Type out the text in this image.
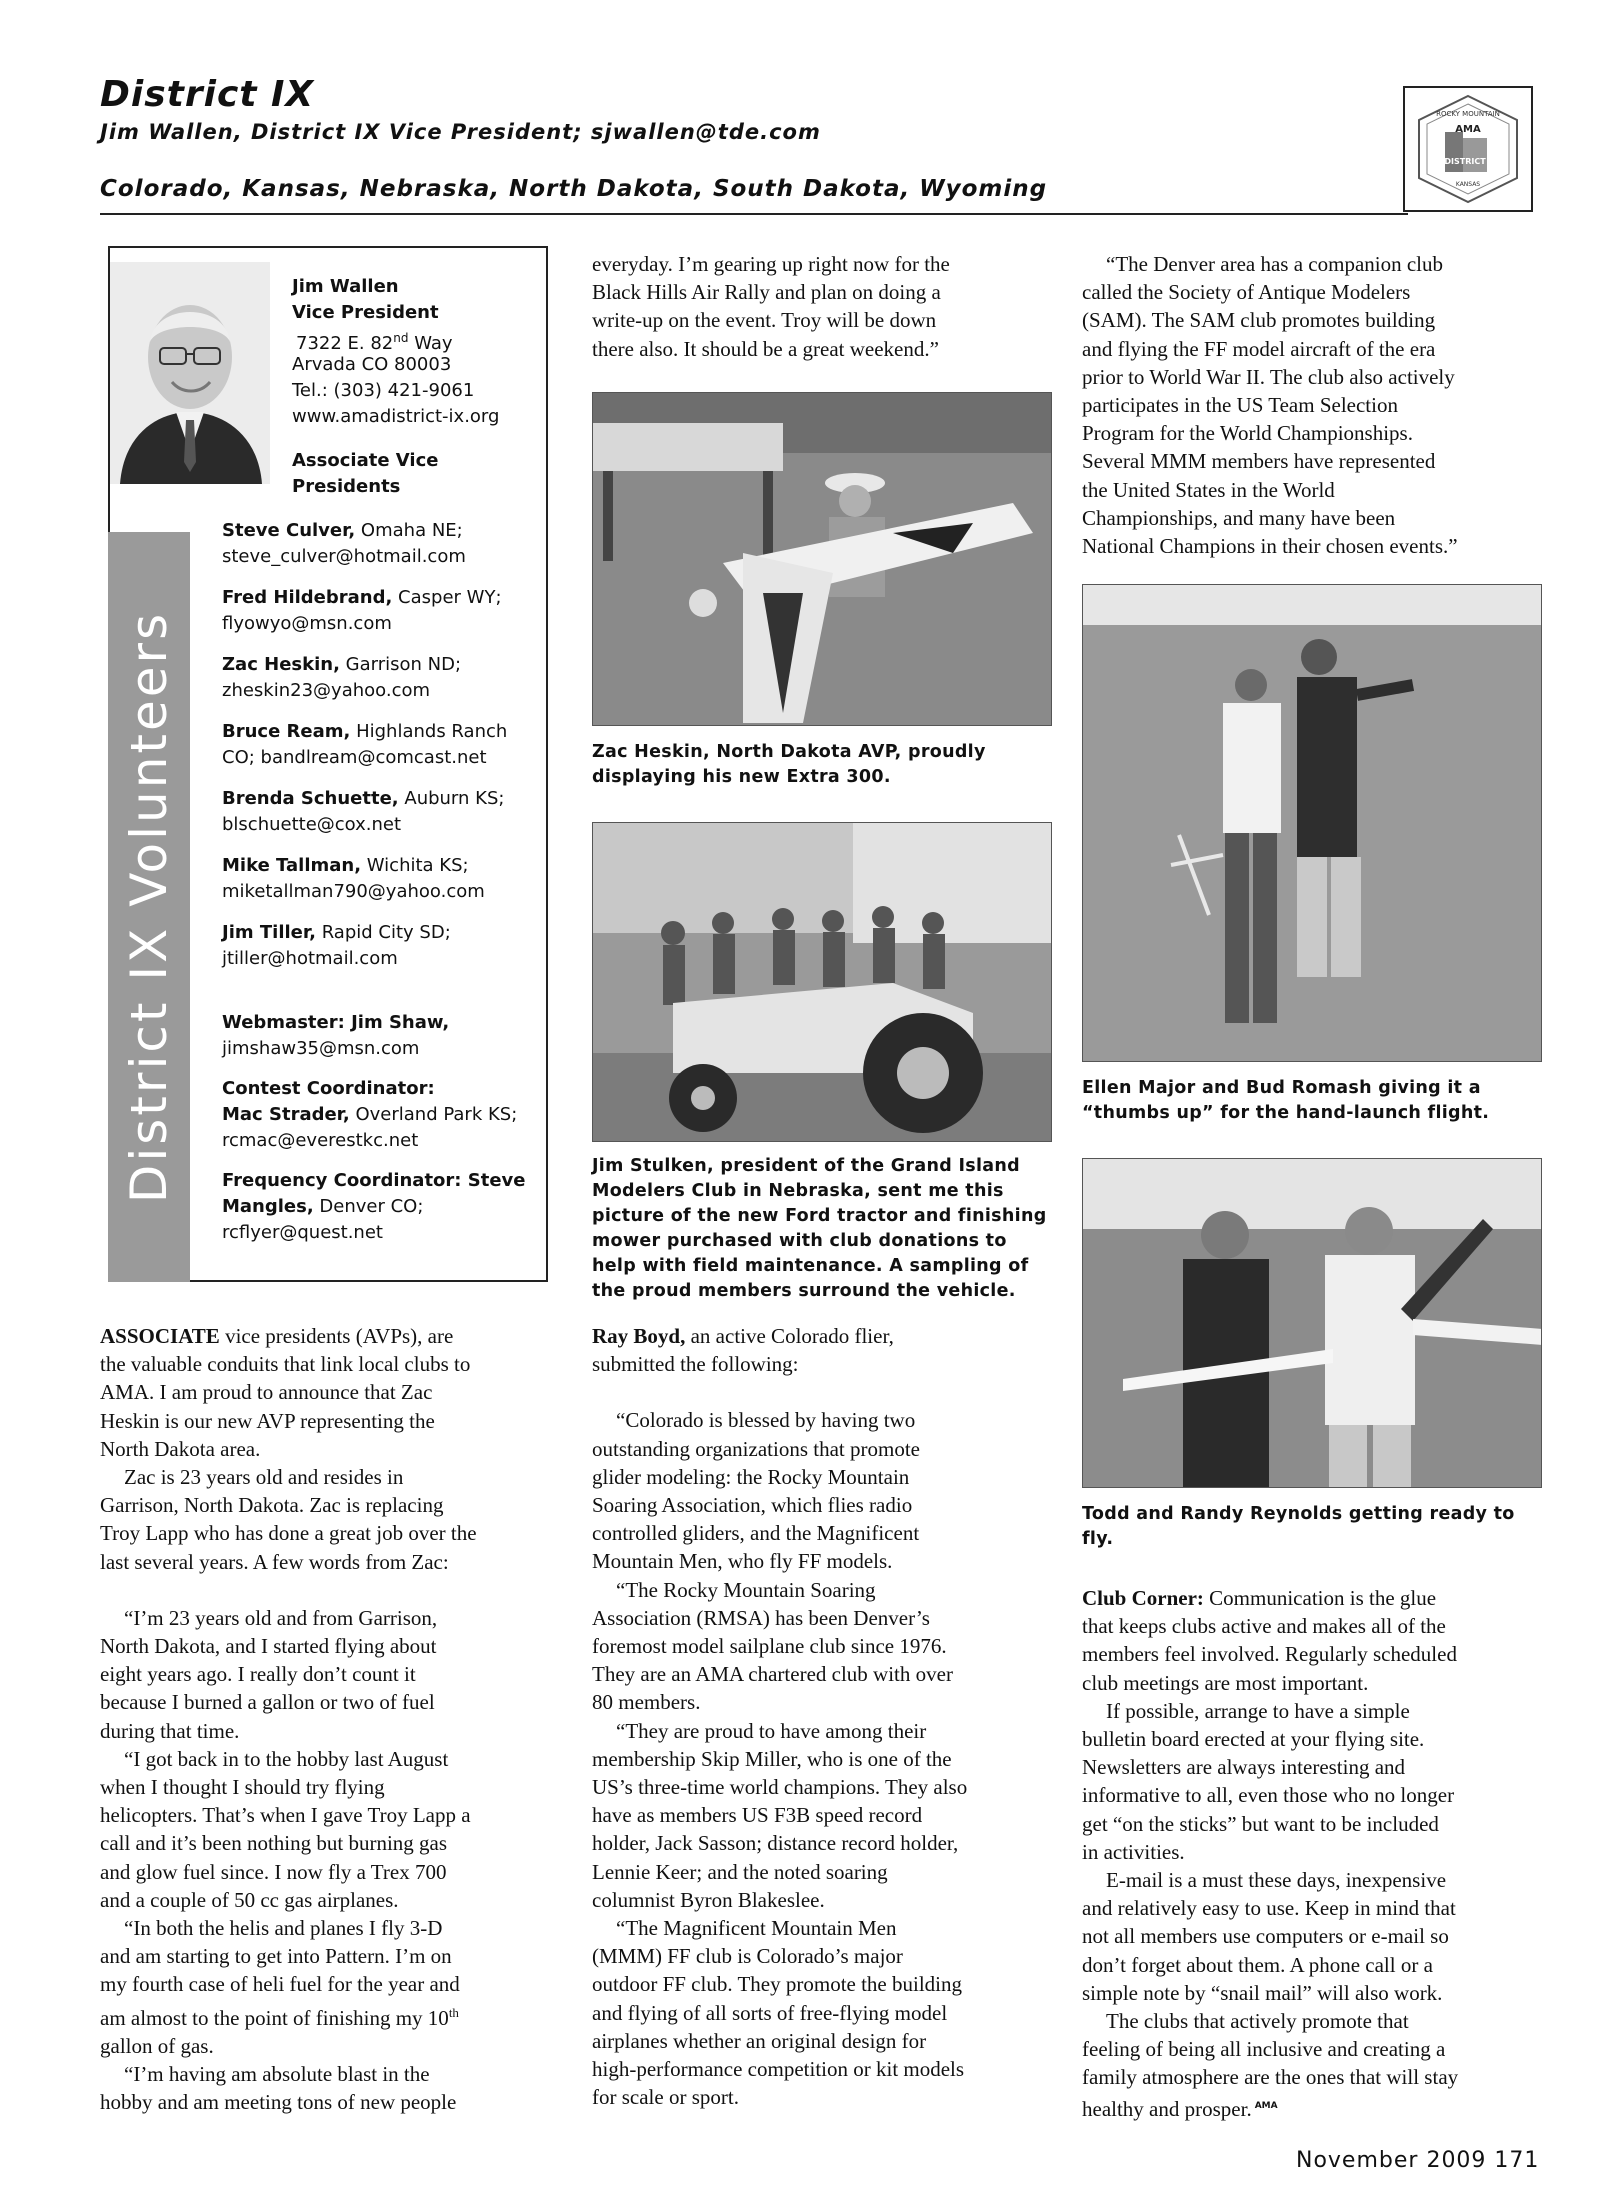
District IX
Jim Wallen, District IX Vice President; sjwallen@tde.com
Colorado, Kansas, Nebraska, North Dakota, South Dakota, Wyoming
ROCKY MOUNTAIN
AMA
DISTRICT IX
KANSAS
District IX Volunteers
Jim Wallen
Vice President
7322 E. 82nd Way
Arvada CO 80003
Tel.: (303) 421-9061
www.amadistrict-ix.org
Associate Vice
Presidents
Steve Culver, Omaha NE;
steve_culver@hotmail.com
Fred Hildebrand, Casper WY;
flyowyo@msn.com
Zac Heskin, Garrison ND;
zheskin23@yahoo.com
Bruce Ream, Highlands Ranch
CO; bandlream@comcast.net
Brenda Schuette, Auburn KS;
blschuette@cox.net
Mike Tallman, Wichita KS;
miketallman790@yahoo.com
Jim Tiller, Rapid City SD;
jtiller@hotmail.com
Webmaster: Jim Shaw,
jimshaw35@msn.com
Contest Coordinator:
Mac Strader, Overland Park KS;
rcmac@everestkc.net
Frequency Coordinator: Steve
Mangles, Denver CO;
rcflyer@quest.net

ASSOCIATE vice presidents (AVPs), are

the valuable conduits that link local clubs to

AMA. I am proud to announce that Zac

Heskin is our new AVP representing the

North Dakota area.

Zac is 23 years old and resides in

Garrison, North Dakota. Zac is replacing

Troy Lapp who has done a great job over the

last several years. A few words from Zac:

“I’m 23 years old and from Garrison,

North Dakota, and I started flying about

eight years ago. I really don’t count it

because I burned a gallon or two of fuel

during that time.

“I got back in to the hobby last August

when I thought I should try flying

helicopters. That’s when I gave Troy Lapp a

call and it’s been nothing but burning gas

and glow fuel since. I now fly a Trex 700

and a couple of 50 cc gas airplanes.

“In both the helis and planes I fly 3-D

and am starting to get into Pattern. I’m on

my fourth case of heli fuel for the year and

am almost to the point of finishing my 10th

gallon of gas.

“I’m having am absolute blast in the

hobby and am meeting tons of new people

everyday. I’m gearing up right now for the

Black Hills Air Rally and plan on doing a

write-up on the event. Troy will be down

there also. It should be a great weekend.”

Zac Heskin, North Dakota AVP, proudly
displaying his new Extra 300.
Jim Stulken, president of the Grand Island
Modelers Club in Nebraska, sent me this
picture of the new Ford tractor and finishing
mower purchased with club donations to
help with field maintenance. A sampling of
the proud members surround the vehicle.

Ray Boyd, an active Colorado flier,

submitted the following:

“Colorado is blessed by having two

outstanding organizations that promote

glider modeling: the Rocky Mountain

Soaring Association, which flies radio

controlled gliders, and the Magnificent

Mountain Men, who fly FF models.

“The Rocky Mountain Soaring

Association (RMSA) has been Denver’s

foremost model sailplane club since 1976.

They are an AMA chartered club with over

80 members.

“They are proud to have among their

membership Skip Miller, who is one of the

US’s three-time world champions. They also

have as members US F3B speed record

holder, Jack Sasson; distance record holder,

Lennie Keer; and the noted soaring

columnist Byron Blakeslee.

“The Magnificent Mountain Men

(MMM) FF club is Colorado’s major

outdoor FF club. They promote the building

and flying of all sorts of free-flying model

airplanes whether an original design for

high-performance competition or kit models

for scale or sport.

“The Denver area has a companion club

called the Society of Antique Modelers

(SAM). The SAM club promotes building

and flying the FF model aircraft of the era

prior to World War II. The club also actively

participates in the US Team Selection

Program for the World Championships.

Several MMM members have represented

the United States in the World

Championships, and many have been

National Champions in their chosen events.”

Ellen Major and Bud Romash giving it a
“thumbs up” for the hand-launch flight.
Todd and Randy Reynolds getting ready to
fly.

Club Corner: Communication is the glue

that keeps clubs active and makes all of the

members feel involved. Regularly scheduled

club meetings are most important.

If possible, arrange to have a simple

bulletin board erected at your flying site.

Newsletters are always interesting and

informative to all, even those who no longer

get “on the sticks” but want to be included

in activities.

E-mail is a must these days, inexpensive

and relatively easy to use. Keep in mind that

not all members use computers or e-mail so

don’t forget about them. A phone call or a

simple note by “snail mail” will also work.

The clubs that actively promote that

feeling of being all inclusive and creating a

family atmosphere are the ones that will stay

healthy and prosper. $^{AMA}$

November 2009 171
